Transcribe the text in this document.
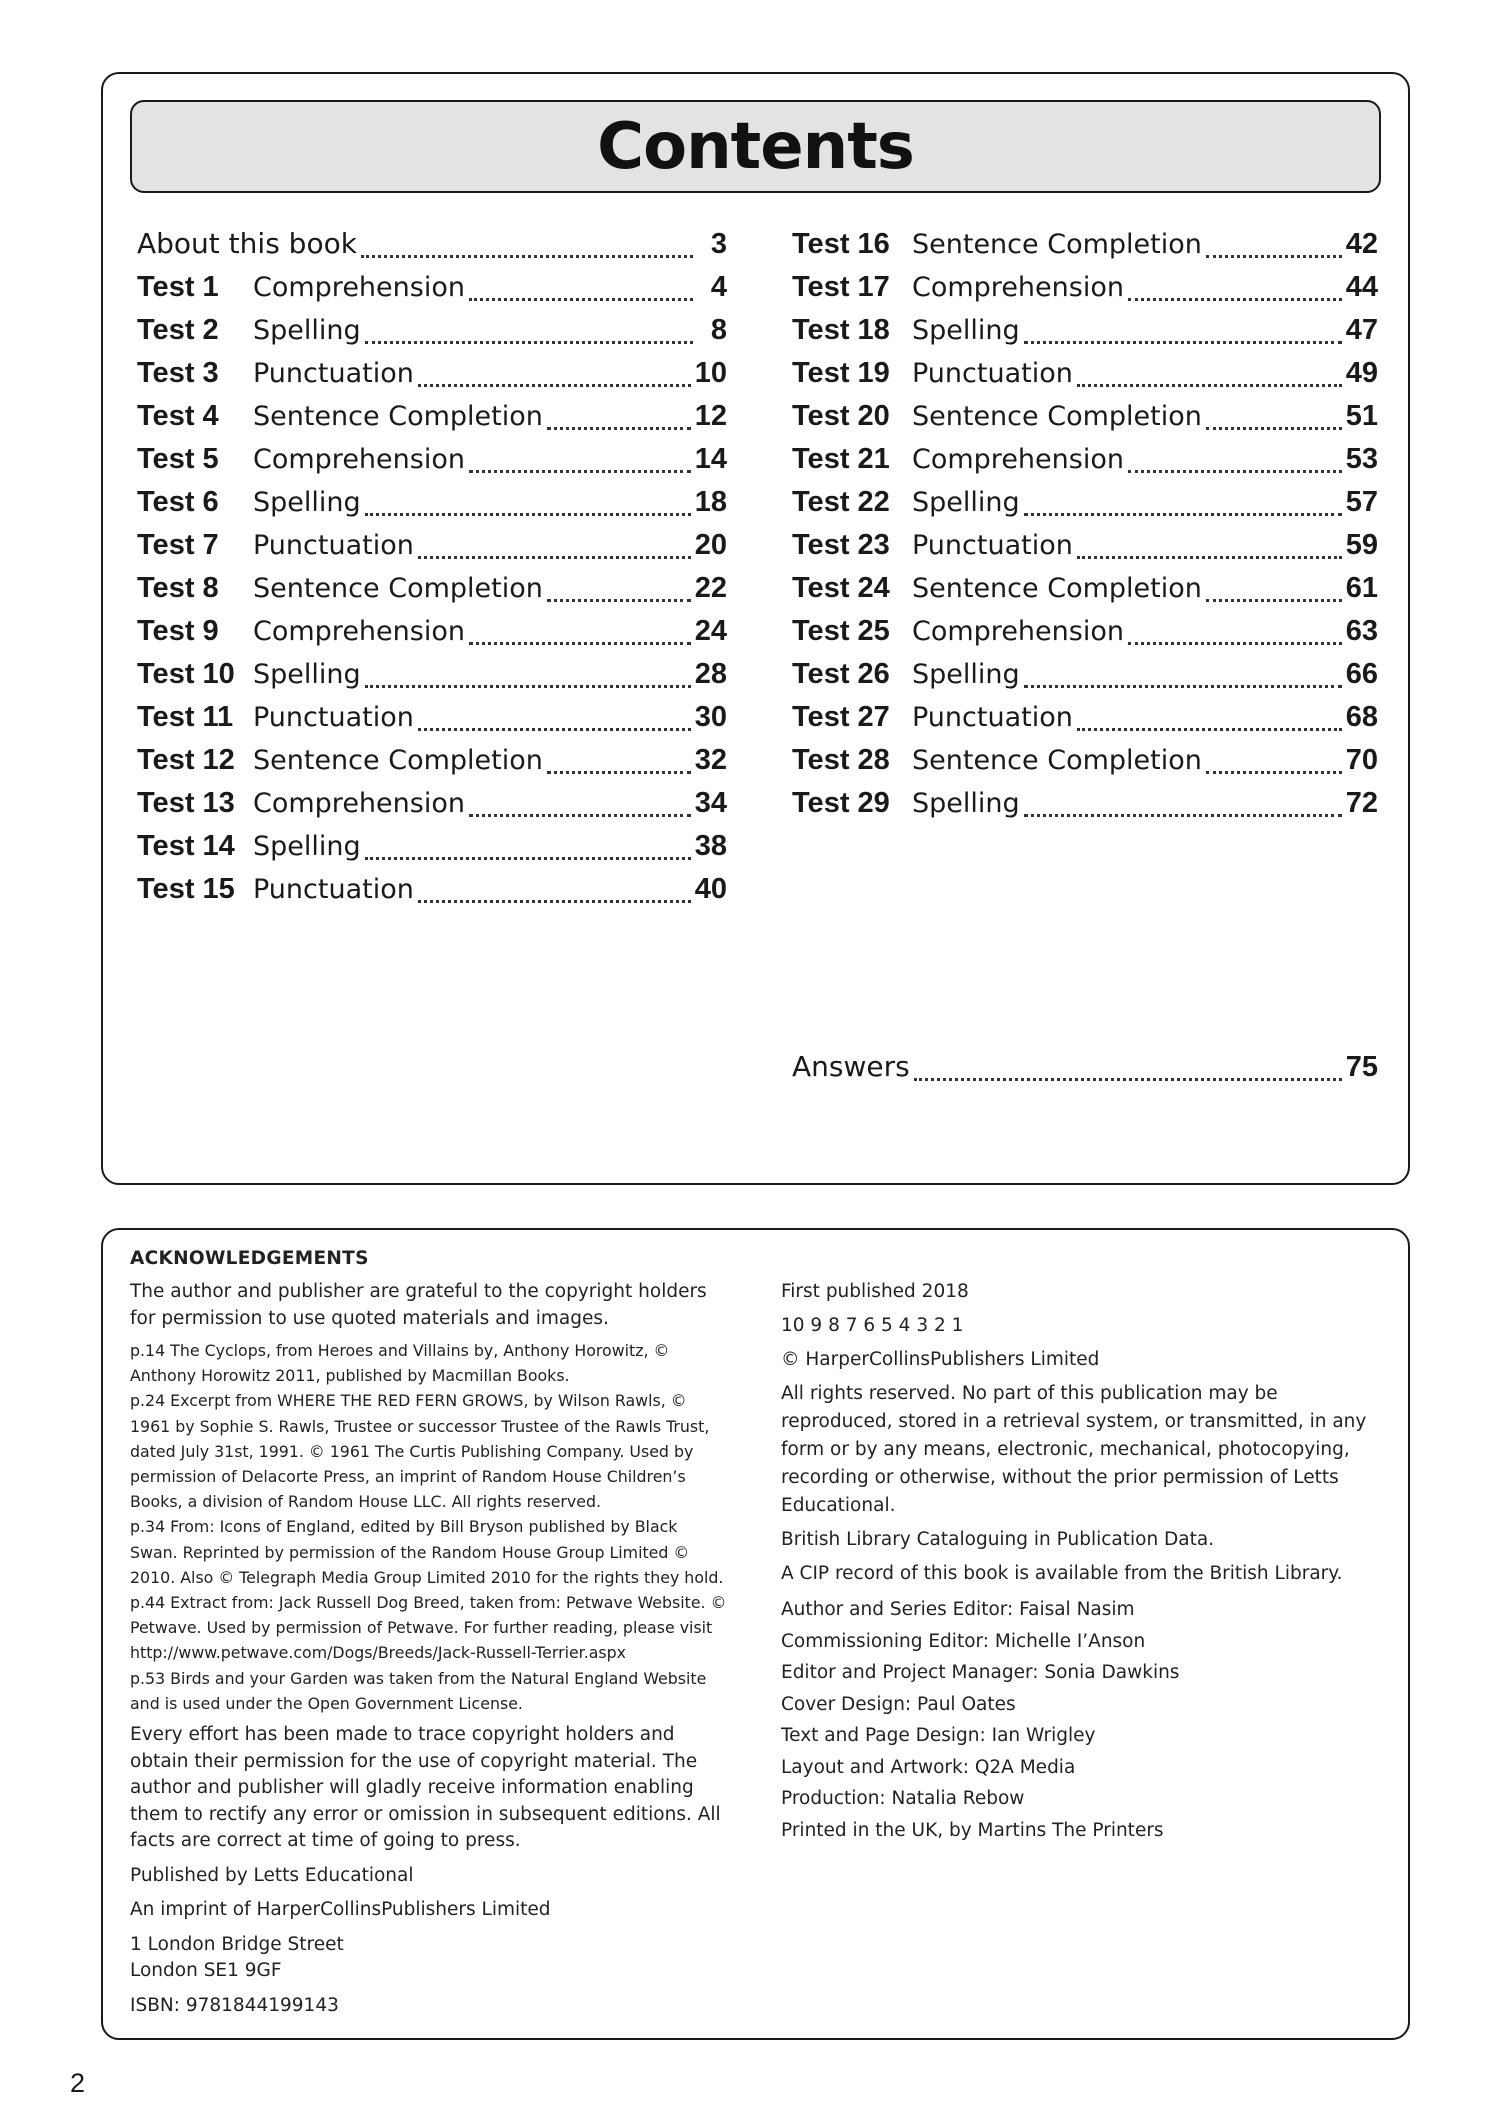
Contents
About this book	3
Test 1	Comprehension	4
Test 2	Spelling	8
Test 3	Punctuation	10
Test 4	Sentence Completion	12
Test 5	Comprehension	14
Test 6	Spelling	18
Test 7	Punctuation	20
Test 8	Sentence Completion	22
Test 9	Comprehension	24
Test 10 Spelling	28
Test 11 Punctuation	30
Test 12 Sentence Completion	32
Test 13 Comprehension	34
Test 14 Spelling	38
Test 15 Punctuation	40
Test 16 Sentence Completion	42
Test 17 Comprehension	44
Test 18 Spelling	47
Test 19 Punctuation	49
Test 20 Sentence Completion	51
Test 21 Comprehension	53
Test 22 Spelling	57
Test 23 Punctuation	59
Test 24 Sentence Completion	61
Test 25 Comprehension	63
Test 26 Spelling	66
Test 27 Punctuation	68
Test 28 Sentence Completion	70
Test 29 Spelling	72
Answers	75

ACKNOWLEDGEMENTS

The author and publisher are grateful to the copyright holders for permission to use quoted materials and images.

p.14 The Cyclops, from Heroes and Villains by, Anthony Horowitz, © Anthony Horowitz 2011, published by Macmillan Books.

p.24 Excerpt from WHERE THE RED FERN GROWS, by Wilson Rawls, © 1961 by Sophie S. Rawls, Trustee or successor Trustee of the Rawls Trust, dated July 31st, 1991. © 1961 The Curtis Publishing Company. Used by permission of Delacorte Press, an imprint of Random House Children’s Books, a division of Random House LLC. All rights reserved.

p.34 From: Icons of England, edited by Bill Bryson published by Black Swan. Reprinted by permission of the Random House Group Limited © 2010. Also © Telegraph Media Group Limited 2010 for the rights they hold.

p.44 Extract from: Jack Russell Dog Breed, taken from: Petwave Website. © Petwave. Used by permission of Petwave. For further reading, please visit http://www.petwave.com/Dogs/Breeds/Jack-Russell-Terrier.aspx

p.53 Birds and your Garden was taken from the Natural England Website and is used under the Open Government License.

Every effort has been made to trace copyright holders and obtain their permission for the use of copyright material. The author and publisher will gladly receive information enabling them to rectify any error or omission in subsequent editions. All facts are correct at time of going to press.

Published by Letts Educational

An imprint of HarperCollinsPublishers Limited

1 London Bridge Street

London SE1 9GF

ISBN: 9781844199143

First published 2018

10 9 8 7 6 5 4 3 2 1

© HarperCollinsPublishers Limited

All rights reserved. No part of this publication may be reproduced, stored in a retrieval system, or transmitted, in any form or by any means, electronic, mechanical, photocopying, recording or otherwise, without the prior permission of Letts Educational.

British Library Cataloguing in Publication Data.

A CIP record of this book is available from the British Library.

Author and Series Editor: Faisal Nasim

Commissioning Editor: Michelle I’Anson

Editor and Project Manager: Sonia Dawkins

Cover Design: Paul Oates

Text and Page Design: Ian Wrigley

Layout and Artwork: Q2A Media

Production: Natalia Rebow

Printed in the UK, by Martins The Printers

2
